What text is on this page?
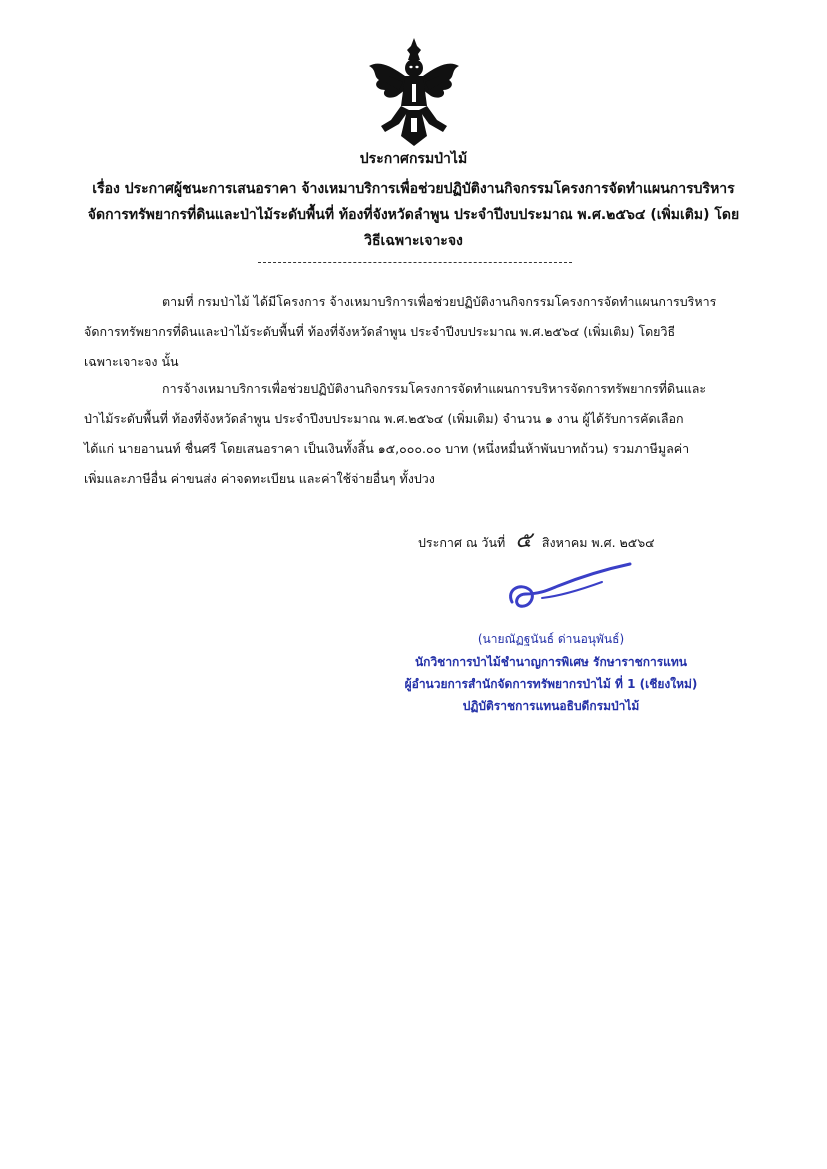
ประกาศกรมป่าไม้
เรื่อง ประกาศผู้ชนะการเสนอราคา จ้างเหมาบริการเพื่อช่วยปฏิบัติงานกิจกรรมโครงการจัดทำแผนการบริหาร
จัดการทรัพยากรที่ดินและป่าไม้ระดับพื้นที่ ท้องที่จังหวัดลำพูน ประจำปีงบประมาณ พ.ศ.๒๕๖๔ (เพิ่มเติม) โดย
วิธีเฉพาะเจาะจง
ตามที่ กรมป่าไม้ ได้มีโครงการ จ้างเหมาบริการเพื่อช่วยปฏิบัติงานกิจกรรมโครงการจัดทำแผนการบริหาร
จัดการทรัพยากรที่ดินและป่าไม้ระดับพื้นที่ ท้องที่จังหวัดลำพูน ประจำปีงบประมาณ พ.ศ.๒๕๖๔ (เพิ่มเติม) โดยวิธี
เฉพาะเจาะจง นั้น
การจ้างเหมาบริการเพื่อช่วยปฏิบัติงานกิจกรรมโครงการจัดทำแผนการบริหารจัดการทรัพยากรที่ดินและ
ป่าไม้ระดับพื้นที่ ท้องที่จังหวัดลำพูน ประจำปีงบประมาณ พ.ศ.๒๕๖๔ (เพิ่มเติม) จำนวน ๑ งาน ผู้ได้รับการคัดเลือก
ได้แก่ นายอานนท์ ชื่นศรี โดยเสนอราคา เป็นเงินทั้งสิ้น ๑๕,๐๐๐.๐๐ บาท (หนึ่งหมื่นห้าพันบาทถ้วน) รวมภาษีมูลค่า
เพิ่มและภาษีอื่น ค่าขนส่ง ค่าจดทะเบียน และค่าใช้จ่ายอื่นๆ ทั้งปวง
ประกาศ ณ วันที่ ๕ สิงหาคม พ.ศ. ๒๕๖๔
(นายณัฏฐนันธ์ ด่านอนุพันธ์)
นักวิชาการป่าไม้ชำนาญการพิเศษ รักษาราชการแทน
ผู้อำนวยการสำนักจัดการทรัพยากรป่าไม้ ที่ 1 (เชียงใหม่)
ปฏิบัติราชการแทนอธิบดีกรมป่าไม้
